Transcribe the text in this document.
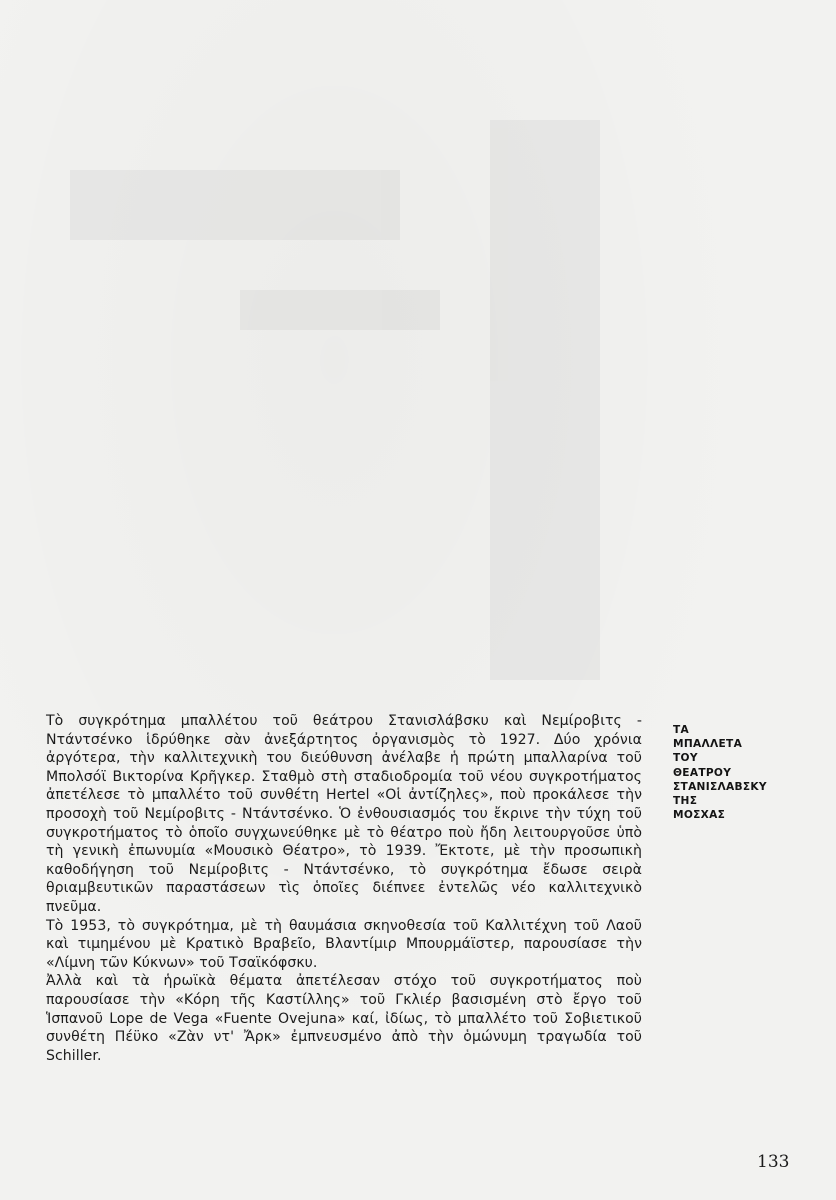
Τὸ συγκρότημα μπαλλέτου τοῦ θεάτρου Στανισλάβσκυ καὶ Νεμίροβιτς - Ντάντσένκο ἱδρύθηκε σὰν ἀνεξάρτητος ὀργανισμὸς τὸ 1927. Δύο χρόνια ἀργότερα, τὴν καλλιτεχνικὴ του διεύθυνση ἀνέλαβε ἡ πρώτη μπαλλαρίνα τοῦ Μπολσόϊ Βικτορίνα Κρῆγκερ. Σταθμὸ στὴ σταδιοδρομία τοῦ νέου συγκροτήματος ἀπετέλεσε τὸ μπαλλέτο τοῦ συνθέτη Hertel «Οἱ ἀντίζηλες», ποὺ προκάλεσε τὴν προσοχὴ τοῦ Νεμίροβιτς - Ντάντσένκο. Ὁ ἐνθουσιασμός του ἔκρινε τὴν τύχη τοῦ συγκροτήματος τὸ ὁποῖο συγχωνεύθηκε μὲ τὸ θέατρο ποὺ ἤδη λειτουργοῦσε ὑπὸ τὴ γενικὴ ἐπωνυμία «Μουσικὸ Θέατρο», τὸ 1939. Ἔκτοτε, μὲ τὴν προσωπικὴ καθοδήγηση τοῦ Νεμίροβιτς - Ντάντσένκο, τὸ συγκρότημα ἔδωσε σειρὰ θριαμβευτικῶν παραστάσεων τὶς ὁποῖες διέπνεε ἐντελῶς νέο καλλιτεχνικὸ πνεῦμα.

Τὸ 1953, τὸ συγκρότημα, μὲ τὴ θαυμάσια σκηνοθεσία τοῦ Καλλιτέχνη τοῦ Λαοῦ καὶ τιμημένου μὲ Κρατικὸ Βραβεῖο, Βλαντίμιρ Μπουρμάϊστερ, παρουσίασε τὴν «Λίμνη τῶν Κύκνων» τοῦ Τσαϊκόφσκυ.

Ἀλλὰ καὶ τὰ ἡρωϊκὰ θέματα ἀπετέλεσαν στόχο τοῦ συγκροτήματος ποὺ παρουσίασε τὴν «Κόρη τῆς Καστίλλης» τοῦ Γκλιέρ βασισμένη στὸ ἔργο τοῦ Ἱσπανοῦ Lope de Vega «Fuente Ovejuna» καί, ἰδίως, τὸ μπαλλέτο τοῦ Σοβιετικοῦ συνθέτη Πέϋκο «Ζὰν ντ' Ἄρκ» ἐμπνευσμένο ἀπὸ τὴν ὁμώνυμη τραγωδία τοῦ Schiller.

ΤΑ
ΜΠΑΛΛΕΤΑ
ΤΟΥ
ΘΕΑΤΡΟΥ
ΣΤΑΝΙΣΛΑΒΣΚΥ
ΤΗΣ
ΜΟΣΧΑΣ
133
